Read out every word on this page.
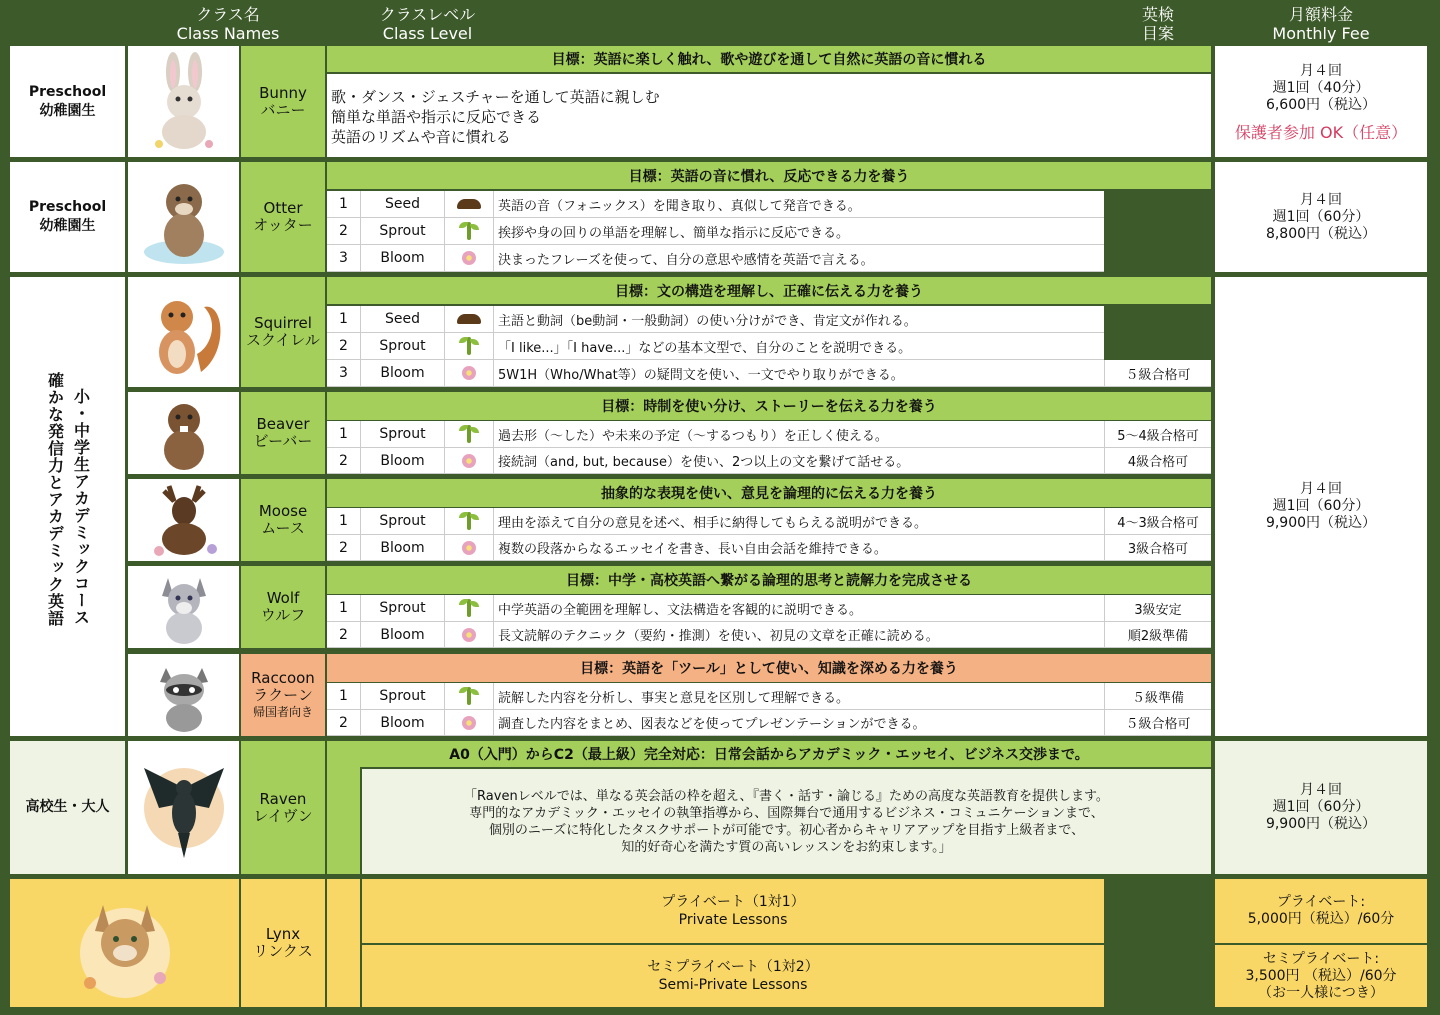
クラス名
Class Names
クラスレベル
Class Level
英検
目案
月額料金
Monthly Fee
Preschool
幼稚園生
Bunny
バニー
目標：英語に楽しく触れ、歌や遊びを通して自然に英語の音に慣れる
歌・ダンス・ジェスチャーを通して英語に親しむ
簡単な単語や指示に反応できる
英語のリズムや音に慣れる
月４回
週1回（40分）
6,600円（税込）
保護者参加 OK（任意）
Preschool
幼稚園生
Otter
オッター
目標：英語の音に慣れ、反応できる力を養う
1	Seed	英語の音（フォニックス）を聞き取り、真似して発音できる。
2	Sprout	挨拶や身の回りの単語を理解し、簡単な指示に反応できる。
3	Bloom	決まったフレーズを使って、自分の意思や感情を英語で言える。
月４回
週1回（60分）
8,800円（税込）
小・中学生アカデミックコース
確かな発信力とアカデミック英語
Squirrel
スクイレル
目標：文の構造を理解し、正確に伝える力を養う
1	Seed	主語と動詞（be動詞・一般動詞）の使い分けができ、肯定文が作れる。
2	Sprout	「I like...」「I have...」などの基本文型で、自分のことを説明できる。
3	Bloom	5W1H（Who/What等）の疑問文を使い、一文でやり取りができる。	５級合格可
Beaver
ビーバー
目標：時制を使い分け、ストーリーを伝える力を養う
1	Sprout	過去形（～した）や未来の予定（～するつもり）を正しく使える。	5～4級合格可
2	Bloom	接続詞（and, but, because）を使い、2つ以上の文を繋げて話せる。	4級合格可
Moose
ムース
抽象的な表現を使い、意見を論理的に伝える力を養う
1	Sprout	理由を添えて自分の意見を述べ、相手に納得してもらえる説明ができる。	4～3級合格可
2	Bloom	複数の段落からなるエッセイを書き、長い自由会話を維持できる。	3級合格可
Wolf
ウルフ
目標：中学・高校英語へ繋がる論理的思考と読解力を完成させる
1	Sprout	中学英語の全範囲を理解し、文法構造を客観的に説明できる。	3級安定
2	Bloom	長文読解のテクニック（要約・推測）を使い、初見の文章を正確に読める。	順2級準備
Raccoon
ラクーン
帰国者向き
目標：英語を「ツール」として使い、知識を深める力を養う
1	Sprout	読解した内容を分析し、事実と意見を区別して理解できる。	５級準備
2	Bloom	調査した内容をまとめ、図表などを使ってプレゼンテーションができる。	５級合格可
月４回
週1回（60分）
9,900円（税込）
高校生・大人	Raven
レイヴン
A0（入門）からC2（最上級）完全対応：日常会話からアカデミック・エッセイ、ビジネス交渉まで。
「Ravenレベルでは、単なる英会話の枠を超え、『書く・話す・論じる』ための高度な英語教育を提供します。
専門的なアカデミック・エッセイの執筆指導から、国際舞台で通用するビジネス・コミュニケーションまで、
個別のニーズに特化したタスクサポートが可能です。初心者からキャリアアップを目指す上級者まで、
知的好奇心を満たす質の高いレッスンをお約束します。」
月４回
週1回（60分）
9,900円（税込）
Lynx
リンクス
プライベート（1対1）
Private Lessons
セミプライベート（1対2）
Semi-Private Lessons
プライベート:
5,000円（税込）/60分
セミプライベート:
3,500円 （税込）/60分
（お一人様につき）
